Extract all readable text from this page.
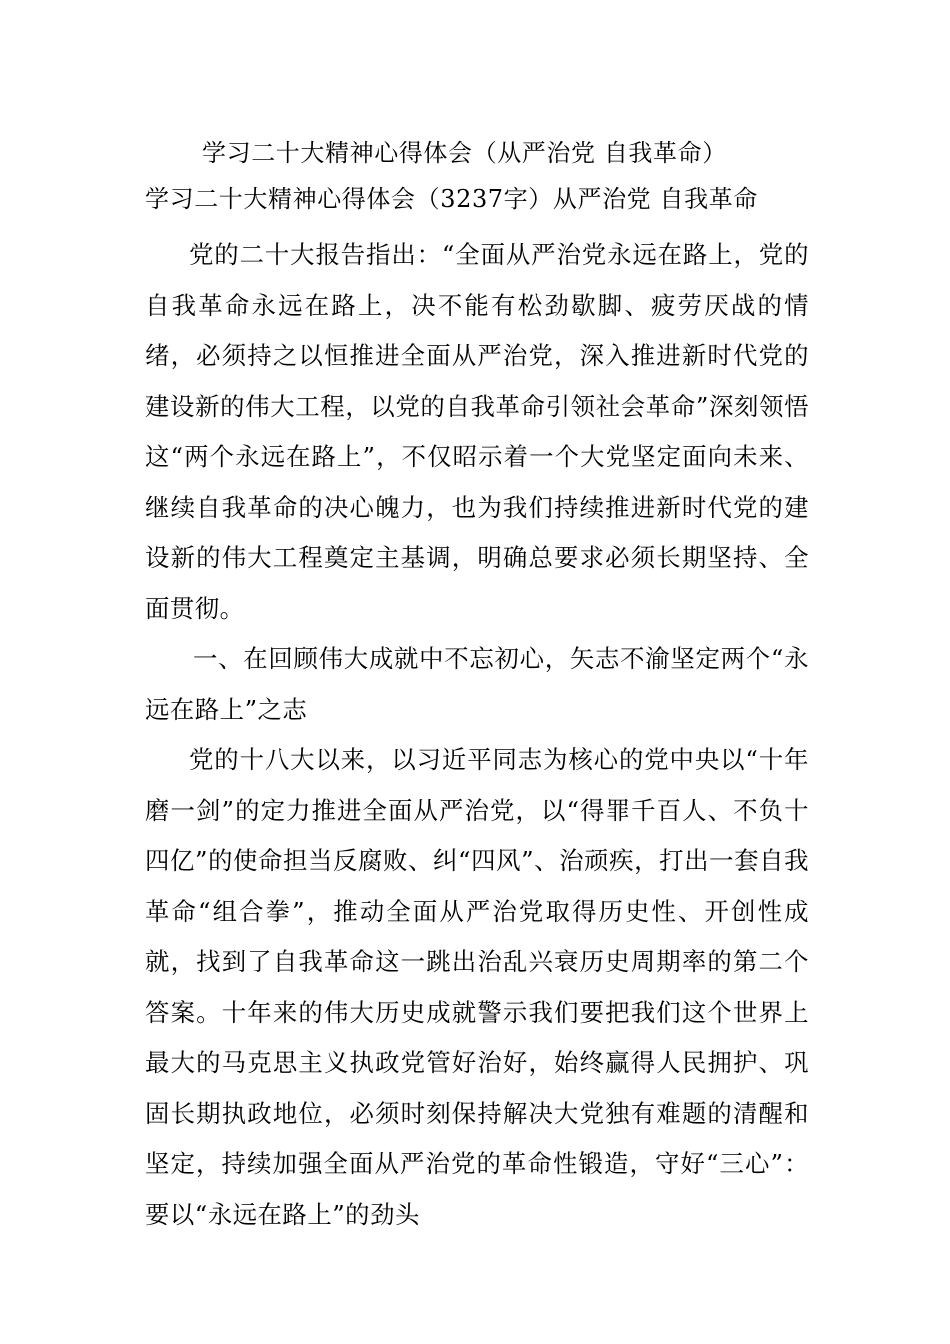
学习二十大精神心得体会（从严治党 自我革命）
学习二十大精神心得体会（3237字）从严治党 自我革命

党的二十大报告指出：“全面从严治党永远在路上，党的自我革命永远在路上，决不能有松劲歇脚、疲劳厌战的情绪，必须持之以恒推进全面从严治党，深入推进新时代党的建设新的伟大工程，以党的自我革命引领社会革命”深刻领悟这“两个永远在路上”，不仅昭示着一个大党坚定面向未来、继续自我革命的决心魄力，也为我们持续推进新时代党的建设新的伟大工程奠定主基调，明确总要求必须长期坚持、全面贯彻。

一、在回顾伟大成就中不忘初心，矢志不渝坚定两个“永远在路上”之志

党的十八大以来，以习近平同志为核心的党中央以“十年磨一剑”的定力推进全面从严治党，以“得罪千百人、不负十四亿”的使命担当反腐败、纠“四风”、治顽疾，打出一套自我革命“组合拳”，推动全面从严治党取得历史性、开创性成就，找到了自我革命这一跳出治乱兴衰历史周期率的第二个答案。十年来的伟大历史成就警示我们要把我们这个世界上最大的马克思主义执政党管好治好，始终赢得人民拥护、巩固长期执政地位，必须时刻保持解决大党独有难题的清醒和坚定，持续加强全面从严治党的革命性锻造，守好“三心”：要以“永远在路上”的劲头
